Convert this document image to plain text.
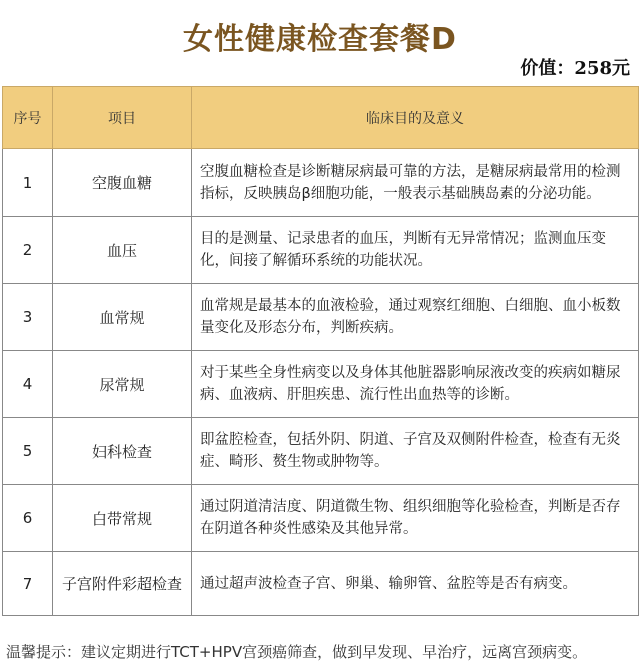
女性健康检查套餐D
价值：258元
序号	项目	临床目的及意义
1	空腹血糖	空腹血糖检查是诊断糖尿病最可靠的方法，是糖尿病最常用的检测指标，反映胰岛β细胞功能，一般表示基础胰岛素的分泌功能。
2	血压	目的是测量、记录患者的血压，判断有无异常情况；监测血压变化，间接了解循环系统的功能状况。
3	血常规	血常规是最基本的血液检验，通过观察红细胞、白细胞、血小板数量变化及形态分布，判断疾病。
4	尿常规	对于某些全身性病变以及身体其他脏器影响尿液改变的疾病如糖尿病、血液病、肝胆疾患、流行性出血热等的诊断。
5	妇科检查	即盆腔检查，包括外阴、阴道、子宫及双侧附件检查，检查有无炎症、畸形、赘生物或肿物等。
6	白带常规	通过阴道清洁度、阴道微生物、组织细胞等化验检查，判断是否存在阴道各种炎性感染及其他异常。
7	子宫附件彩超检查	通过超声波检查子宫、卵巢、输卵管、盆腔等是否有病变。
温馨提示：建议定期进行TCT+HPV宫颈癌筛查，做到早发现、早治疗，远离宫颈病变。
